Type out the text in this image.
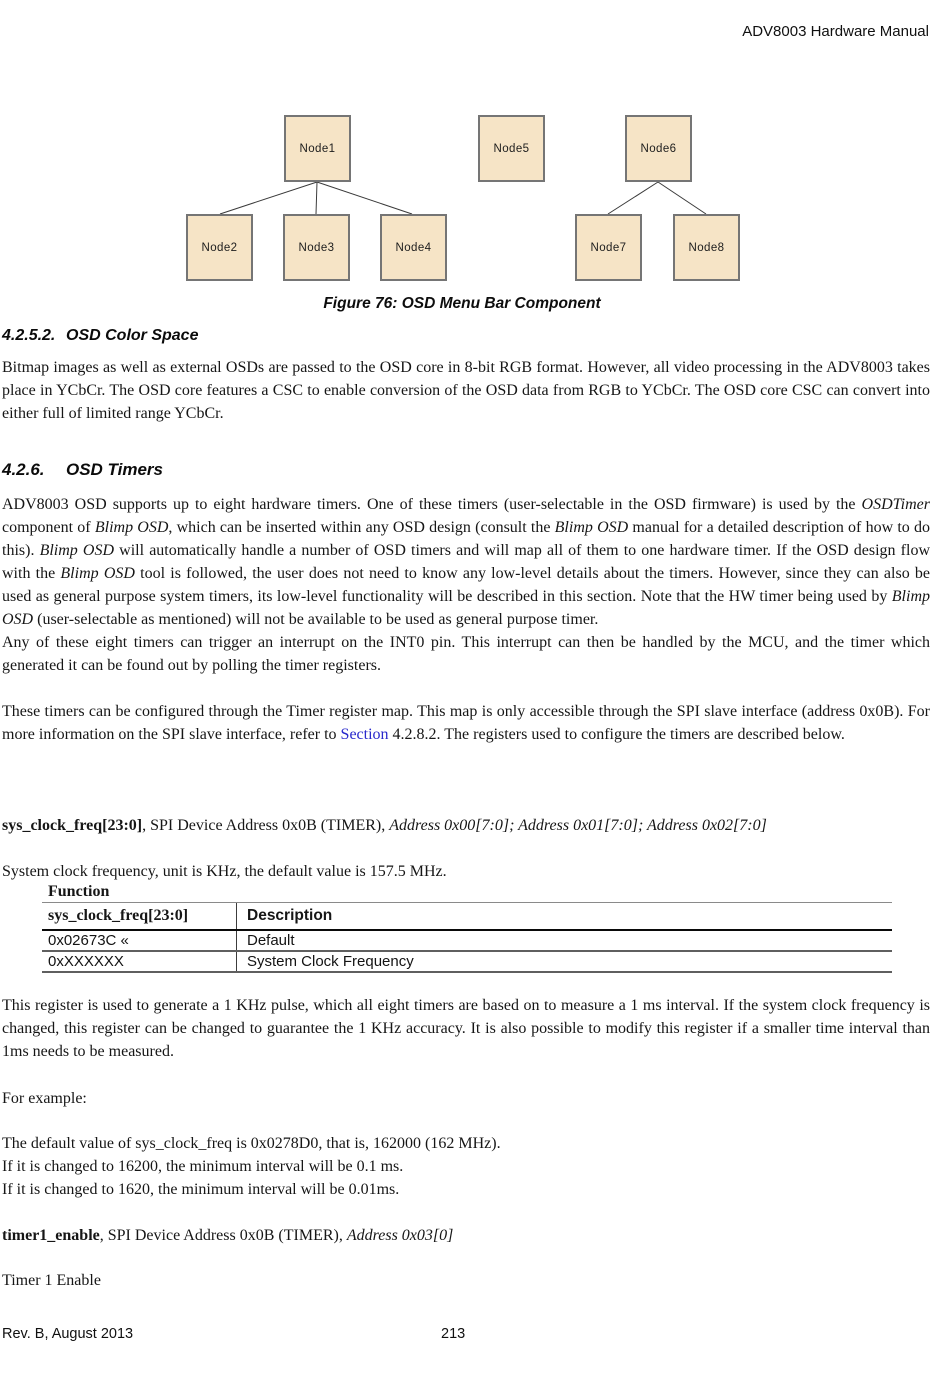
ADV8003 Hardware Manual
Node1	Node5	Node6
Node2	Node3	Node4	Node7	Node8
Figure 76: OSD Menu Bar Component
4.2.5.2. OSD Color Space
Bitmap images as well as external OSDs are passed to the OSD core in 8-bit RGB format. However, all video processing in the ADV8003 takes place in YCbCr. The OSD core features a CSC to enable conversion of the OSD data from RGB to YCbCr. The OSD core CSC can convert into either full of limited range YCbCr.
4.2.6. OSD Timers
ADV8003 OSD supports up to eight hardware timers. One of these timers (user-selectable in the OSD firmware) is used by the OSDTimer component of Blimp OSD, which can be inserted within any OSD design (consult the Blimp OSD manual for a detailed description of how to do this). Blimp OSD will automatically handle a number of OSD timers and will map all of them to one hardware timer. If the OSD design flow with the Blimp OSD tool is followed, the user does not need to know any low-level details about the timers. However, since they can also be used as general purpose system timers, its low-level functionality will be described in this section. Note that the HW timer being used by Blimp OSD (user-selectable as mentioned) will not be available to be used as general purpose timer.
Any of these eight timers can trigger an interrupt on the INT0 pin. This interrupt can then be handled by the MCU, and the timer which generated it can be found out by polling the timer registers.
These timers can be configured through the Timer register map. This map is only accessible through the SPI slave interface (address 0x0B). For more information on the SPI slave interface, refer to Section 4.2.8.2. The registers used to configure the timers are described below.
sys_clock_freq[23:0], SPI Device Address 0x0B (TIMER), Address 0x00[7:0]; Address 0x01[7:0]; Address 0x02[7:0]
System clock frequency, unit is KHz, the default value is 157.5 MHz.
Function
sys_clock_freq[23:0]	Description
0x02673C «	Default
0xXXXXXX	System Clock Frequency
This register is used to generate a 1 KHz pulse, which all eight timers are based on to measure a 1 ms interval. If the system clock frequency is changed, this register can be changed to guarantee the 1 KHz accuracy. It is also possible to modify this register if a smaller time interval than 1ms needs to be measured.
For example:
The default value of sys_clock_freq is 0x0278D0, that is, 162000 (162 MHz).
If it is changed to 16200, the minimum interval will be 0.1 ms.
If it is changed to 1620, the minimum interval will be 0.01ms.
timer1_enable, SPI Device Address 0x0B (TIMER), Address 0x03[0]
Timer 1 Enable
Rev. B, August 2013	213
